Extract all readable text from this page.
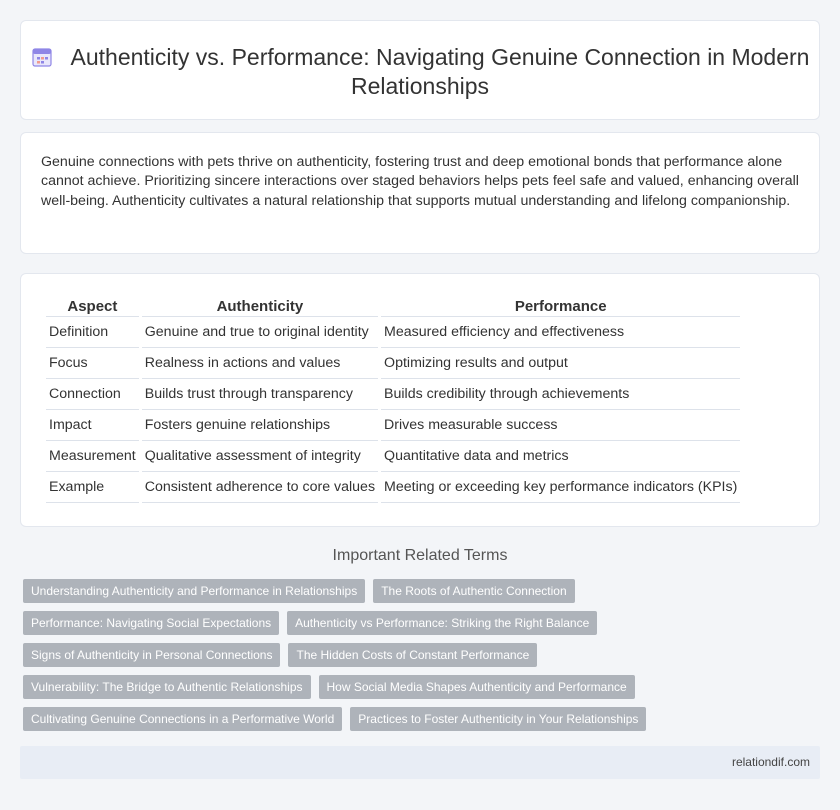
Authenticity vs. Performance: Navigating Genuine Connection in Modern Relationships

Genuine connections with pets thrive on authenticity, fostering trust and deep emotional bonds that performance alone cannot achieve. Prioritizing sincere interactions over staged behaviors helps pets feel safe and valued, enhancing overall well-being. Authenticity cultivates a natural relationship that supports mutual understanding and lifelong companionship.

Aspect	Authenticity	Performance
Definition	Genuine and true to original identity	Measured efficiency and effectiveness
Focus	Realness in actions and values	Optimizing results and output
Connection	Builds trust through transparency	Builds credibility through achievements
Impact	Fosters genuine relationships	Drives measurable success
Measurement	Qualitative assessment of integrity	Quantitative data and metrics
Example	Consistent adherence to core values	Meeting or exceeding key performance indicators (KPIs)
Important Related Terms
Understanding Authenticity and Performance in Relationships	The Roots of Authentic Connection
Performance: Navigating Social Expectations	Authenticity vs Performance: Striking the Right Balance
Signs of Authenticity in Personal Connections	The Hidden Costs of Constant Performance
Vulnerability: The Bridge to Authentic Relationships	How Social Media Shapes Authenticity and Performance
Cultivating Genuine Connections in a Performative World	Practices to Foster Authenticity in Your Relationships
relationdif.com
